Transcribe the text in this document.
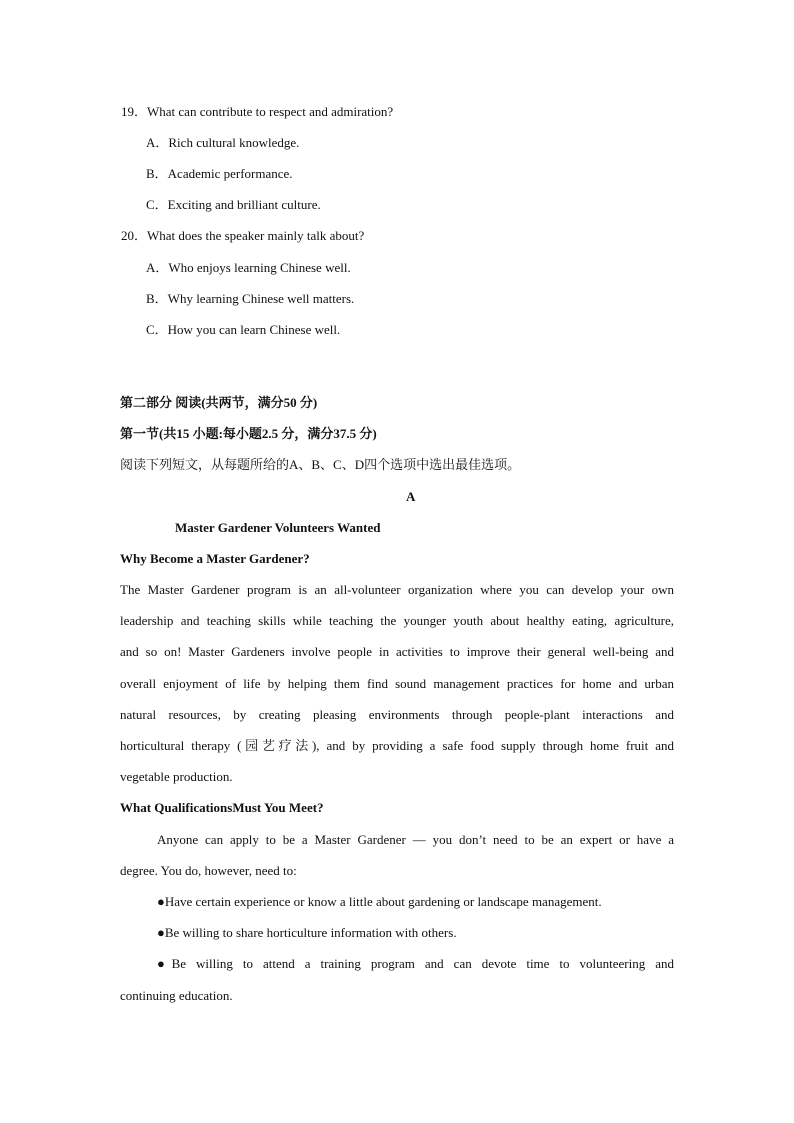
19．What can contribute to respect and admiration?
A．Rich cultural knowledge.
B．Academic performance.
C．Exciting and brilliant culture.
20．What does the speaker mainly talk about?
A．Who enjoys learning Chinese well.
B．Why learning Chinese well matters.
C．How you can learn Chinese well.
第二部分 阅读(共两节，满分50 分)
第一节(共15 小题:每小题2.5 分，满分37.5 分)
阅读下列短文，从每题所给的A、B、C、D四个选项中选出最佳选项。
A
Master Gardener Volunteers Wanted
Why Become a Master Gardener?
The Master Gardener program is an all-volunteer organization where you can develop your own
leadership and teaching skills while teaching the younger youth about healthy eating, agriculture,
and so on! Master Gardeners involve people in activities to improve their general well-being and
overall enjoyment of life by helping them find sound management practices for home and urban
natural resources, by creating pleasing environments through people-plant interactions and
horticultural therapy (园艺疗法), and by providing a safe food supply through home fruit and
vegetable production.
What QualificationsMust You Meet?
Anyone can apply to be a Master Gardener — you don’t need to be an expert or have a
degree. You do, however, need to:
●Have certain experience or know a little about gardening or landscape management.
●Be willing to share horticulture information with others.
●Be willing to attend a training program and can devote time to volunteering and
continuing education.
